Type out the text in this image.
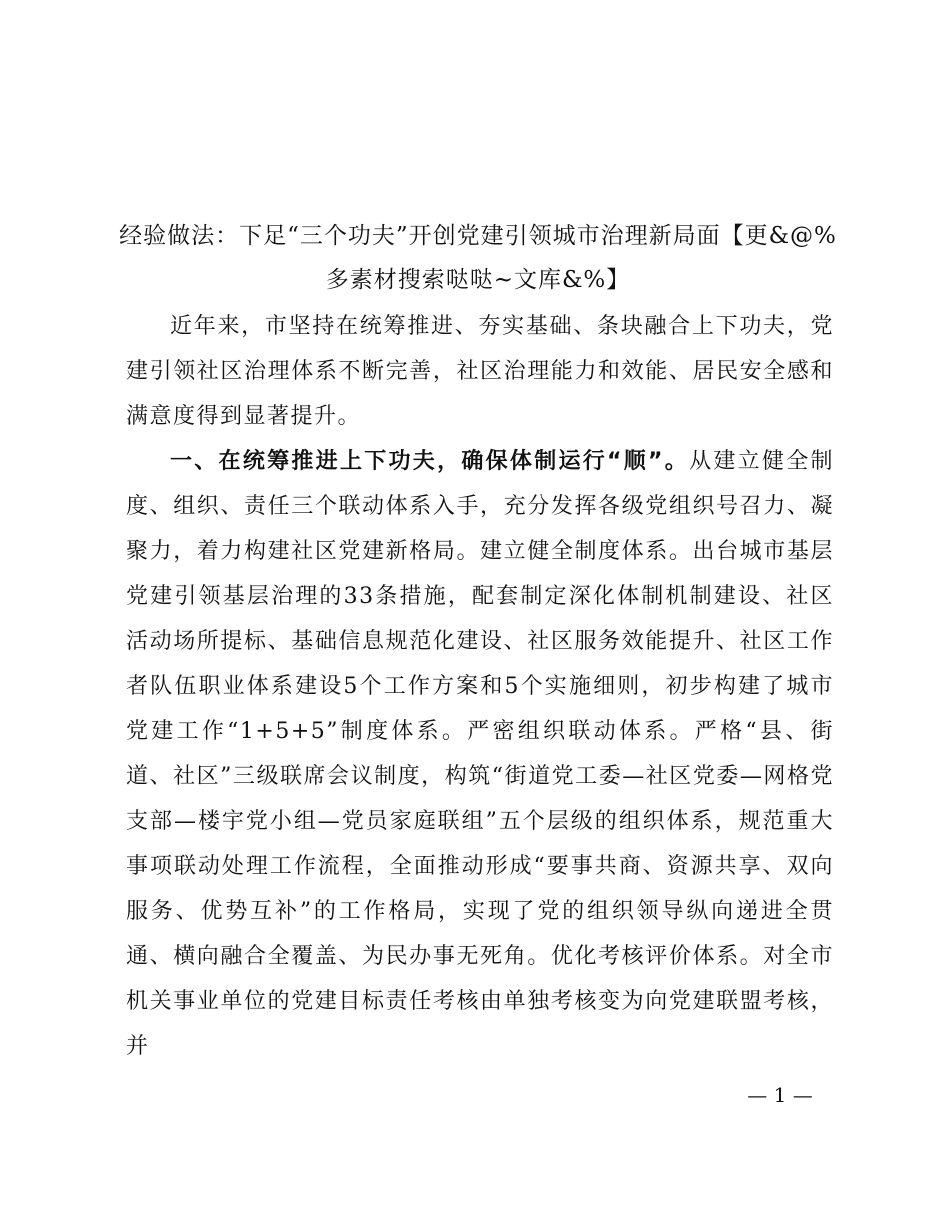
经验做法：下足“三个功夫”开创党建引领城市治理新局面【更&@%多素材搜索哒哒~文库&%】

近年来，市坚持在统筹推进、夯实基础、条块融合上下功夫，党建引领社区治理体系不断完善，社区治理能力和效能、居民安全感和满意度得到显著提升。

一、在统筹推进上下功夫，确保体制运行“顺”。从建立健全制度、组织、责任三个联动体系入手，充分发挥各级党组织号召力、凝聚力，着力构建社区党建新格局。建立健全制度体系。出台城市基层党建引领基层治理的33条措施，配套制定深化体制机制建设、社区活动场所提标、基础信息规范化建设、社区服务效能提升、社区工作者队伍职业体系建设5个工作方案和5个实施细则，初步构建了城市党建工作“1+5+5”制度体系。严密组织联动体系。严格“县、街道、社区”三级联席会议制度，构筑“街道党工委—社区党委—网格党支部—楼宇党小组—党员家庭联组”五个层级的组织体系，规范重大事项联动处理工作流程，全面推动形成“要事共商、资源共享、双向服务、优势互补”的工作格局，实现了党的组织领导纵向递进全贯通、横向融合全覆盖、为民办事无死角。优化考核评价体系。对全市机关事业单位的党建目标责任考核由单独考核变为向党建联盟考核，并

— 1 —
